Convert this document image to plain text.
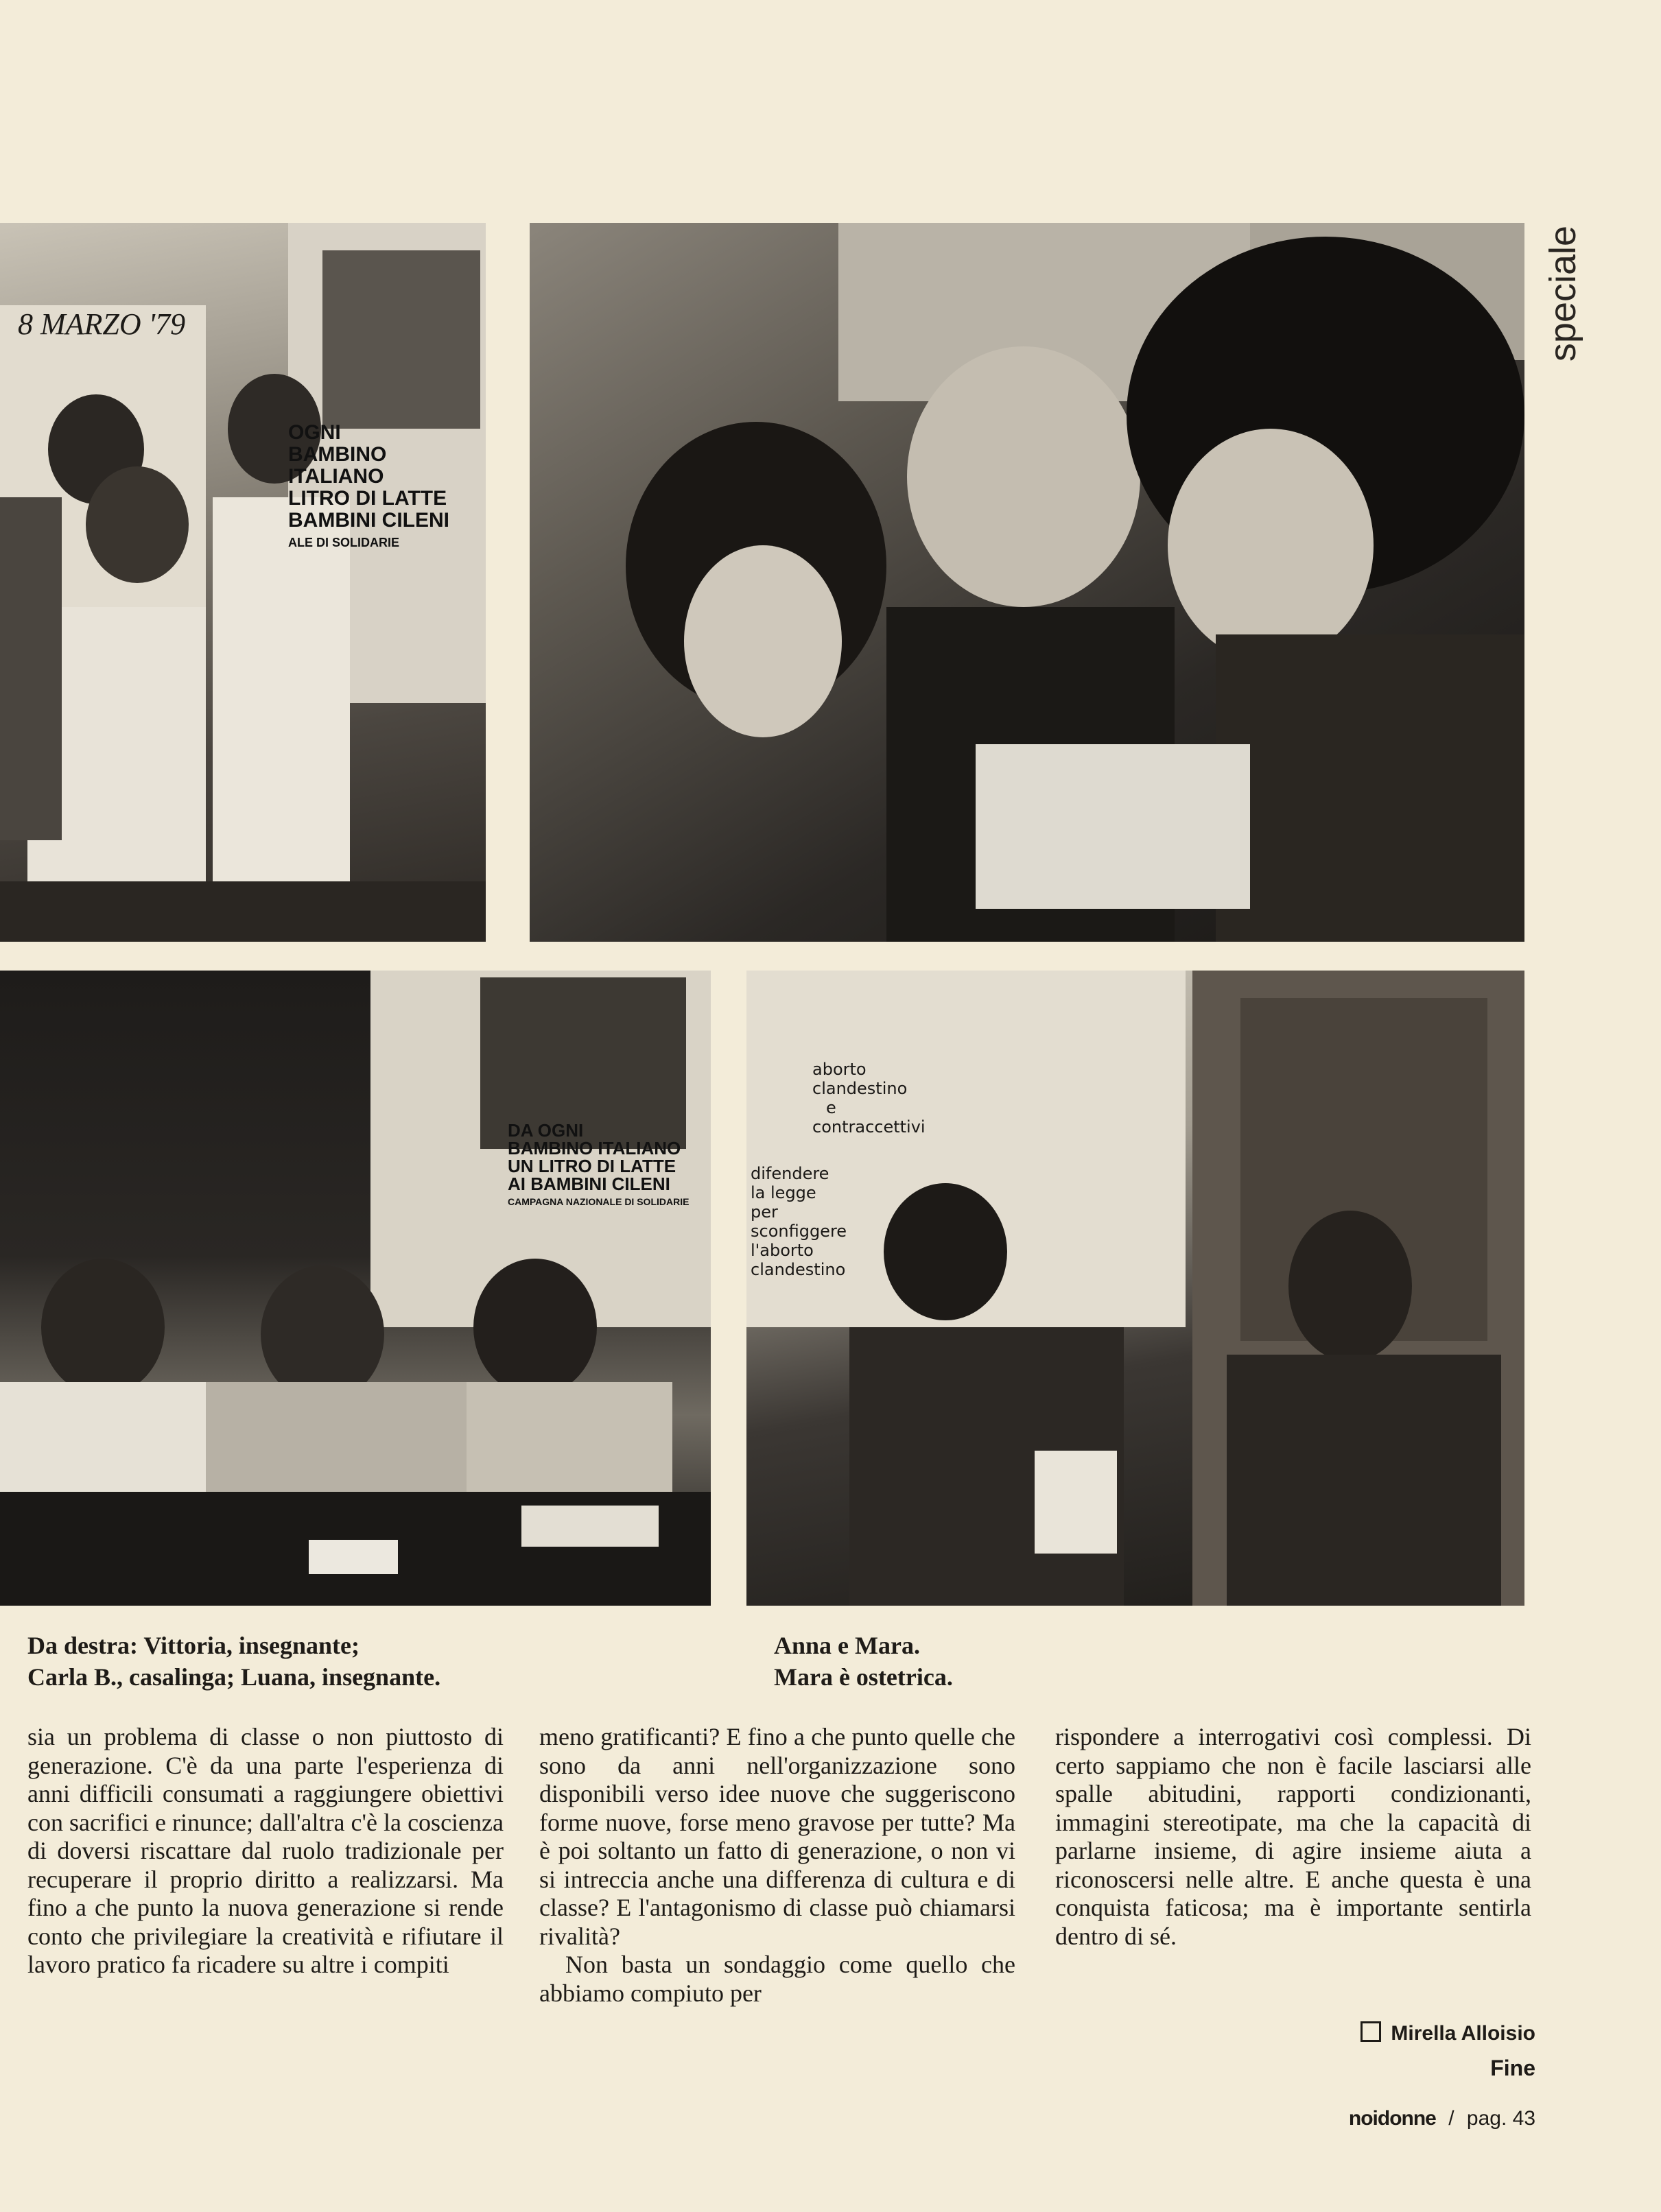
speciale
8 MARZO '79
OGNI
BAMBINO ITALIANO
LITRO DI LATTE
BAMBINI CILENI
ALE DI SOLIDARIE
DA OGNI
BAMBINO ITALIANO
UN LITRO DI LATTE
AI BAMBINI CILENI
CAMPAGNA NAZIONALE DI SOLIDARIE
aborto
clandestino
e
contraccettivi
difendere
la legge
per
sconfiggere
l'aborto
clandestino
Da destra: Vittoria, insegnante;
Carla B., casalinga; Luana, insegnante.
Anna e Mara.
Mara è ostetrica.

sia un problema di classe o non piuttosto di generazione. C'è da una parte l'esperienza di anni difficili consumati a raggiungere obiettivi con sacrifici e rinunce; dall'altra c'è la coscienza di doversi riscattare dal ruolo tradizionale per recuperare il proprio diritto a realizzarsi. Ma fino a che punto la nuova generazione si rende conto che privilegiare la creatività e rifiutare il lavoro pratico fa ricadere su altre i compiti

meno gratificanti? E fino a che punto quelle che sono da anni nell'organizzazione sono disponibili verso idee nuove che suggeriscono forme nuove, forse meno gravose per tutte? Ma è poi soltanto un fatto di generazione, o non vi si intreccia anche una differenza di cultura e di classe? E l'antagonismo di classe può chiamarsi rivalità?

Non basta un sondaggio come quello che abbiamo compiuto per

rispondere a interrogativi così complessi. Di certo sappiamo che non è facile lasciarsi alle spalle abitudini, rapporti condizionanti, immagini stereotipate, ma che la capacità di parlarne insieme, di agire insieme aiuta a riconoscersi nelle altre. E anche questa è una conquista faticosa; ma è importante sentirla dentro di sé.

Mirella Alloisio
Fine
noidonne / pag. 43
